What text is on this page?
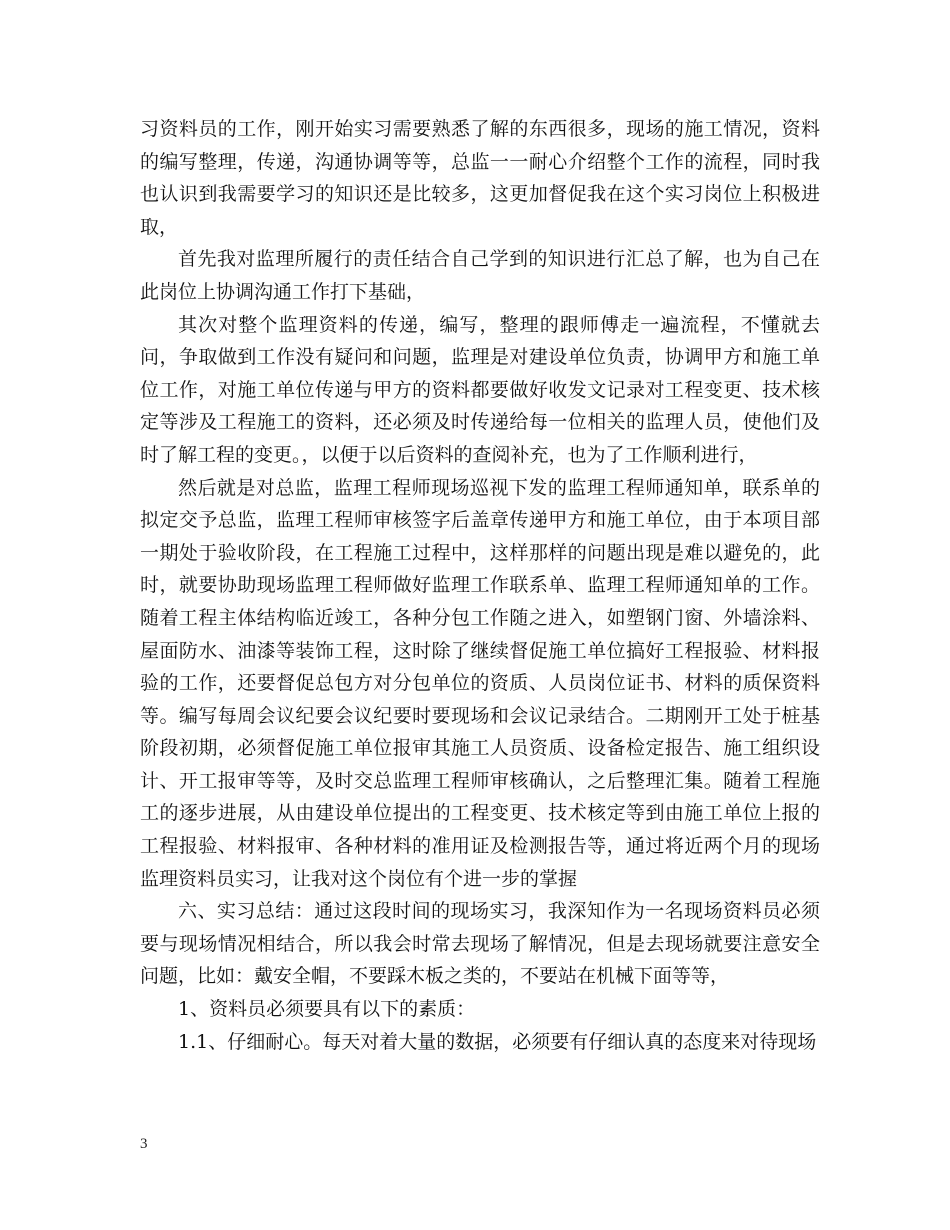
习资料员的工作，刚开始实习需要熟悉了解的东西很多，现场的施工情况，资料的编写整理，传递，沟通协调等等，总监一一耐心介绍整个工作的流程，同时我也认识到我需要学习的知识还是比较多，这更加督促我在这个实习岗位上积极进取，

首先我对监理所履行的责任结合自己学到的知识进行汇总了解，也为自己在此岗位上协调沟通工作打下基础，

其次对整个监理资料的传递，编写，整理的跟师傅走一遍流程，不懂就去问，争取做到工作没有疑问和问题，监理是对建设单位负责，协调甲方和施工单位工作，对施工单位传递与甲方的资料都要做好收发文记录对工程变更、技术核定等涉及工程施工的资料，还必须及时传递给每一位相关的监理人员，使他们及时了解工程的变更。，以便于以后资料的查阅补充，也为了工作顺利进行，

然后就是对总监，监理工程师现场巡视下发的监理工程师通知单，联系单的拟定交予总监，监理工程师审核签字后盖章传递甲方和施工单位，由于本项目部一期处于验收阶段，在工程施工过程中，这样那样的问题出现是难以避免的，此时，就要协助现场监理工程师做好监理工作联系单、监理工程师通知单的工作。随着工程主体结构临近竣工，各种分包工作随之进入，如塑钢门窗、外墙涂料、屋面防水、油漆等装饰工程，这时除了继续督促施工单位搞好工程报验、材料报验的工作，还要督促总包方对分包单位的资质、人员岗位证书、材料的质保资料等。编写每周会议纪要会议纪要时要现场和会议记录结合。二期刚开工处于桩基阶段初期，必须督促施工单位报审其施工人员资质、设备检定报告、施工组织设计、开工报审等等，及时交总监理工程师审核确认，之后整理汇集。随着工程施工的逐步进展，从由建设单位提出的工程变更、技术核定等到由施工单位上报的工程报验、材料报审、各种材料的准用证及检测报告等，通过将近两个月的现场监理资料员实习，让我对这个岗位有个进一步的掌握

六、实习总结：通过这段时间的现场实习，我深知作为一名现场资料员必须要与现场情况相结合，所以我会时常去现场了解情况，但是去现场就要注意安全问题，比如：戴安全帽，不要踩木板之类的，不要站在机械下面等等，

1、资料员必须要具有以下的素质：

1.1、仔细耐心。每天对着大量的数据，必须要有仔细认真的态度来对待现场

3
